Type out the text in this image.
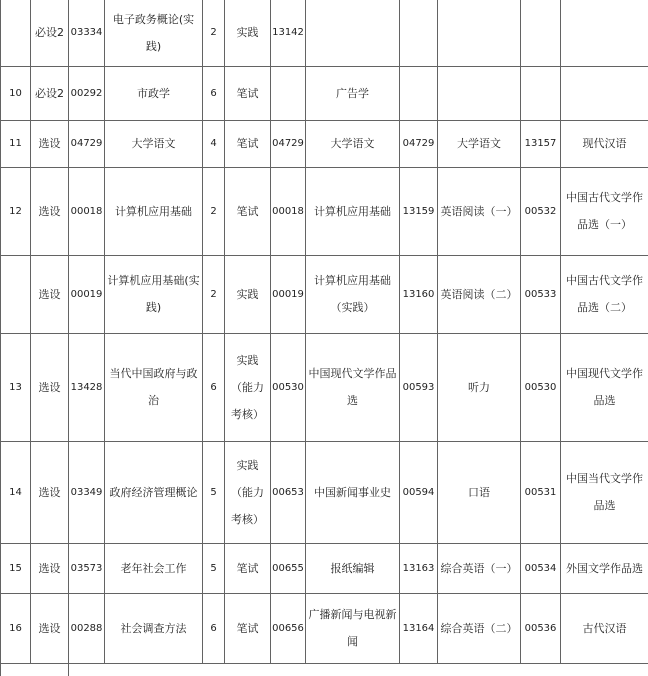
	必设2	03334	电子政务概论(实践)	2	实践	13142					
10	必设2	00292	市政学	6	笔试		广告学				
11	选设	04729	大学语文	4	笔试	04729	大学语文	04729	大学语文	13157	现代汉语
12	选设	00018	计算机应用基础	2	笔试	00018	计算机应用基础	13159	英语阅读（一）	00532	中国古代文学作品选（一）
	选设	00019	计算机应用基础(实践)	2	实践	00019	计算机应用基础（实践）	13160	英语阅读（二）	00533	中国古代文学作品选（二）
13	选设	13428	当代中国政府与政治	6	实践（能力考核）	00530	中国现代文学作品选	00593	听力	00530	中国现代文学作品选
14	选设	03349	政府经济管理概论	5	实践（能力考核）	00653	中国新闻事业史	00594	口语	00531	中国当代文学作品选
15	选设	03573	老年社会工作	5	笔试	00655	报纸编辑	13163	综合英语（一）	00534	外国文学作品选
16	选设	00288	社会调查方法	6	笔试	00656	广播新闻与电视新闻	13164	综合英语（二）	00536	古代汉语
